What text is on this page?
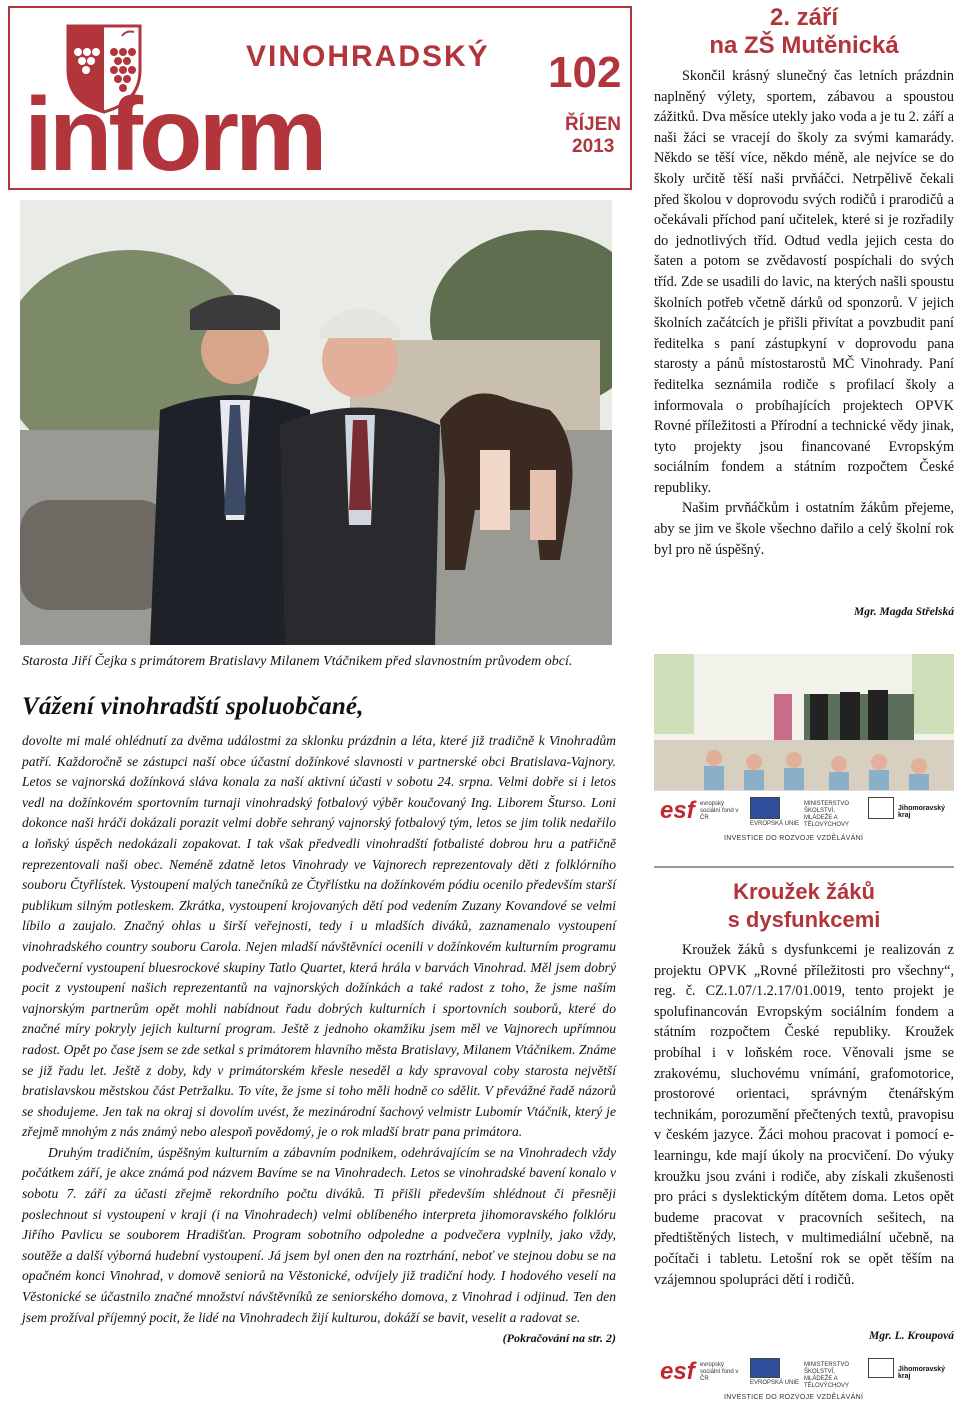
VINOHRADSKÝ
inform
102
ŘÍJEN
2013
Starosta Jiří Čejka s primátorem Bratislavy Milanem Vtáčnikem před slavnostním průvodem obcí.
Vážení vinohradští spoluobčané,

dovolte mi malé ohlédnutí za dvěma událostmi za sklonku prázdnin a léta, které již tradičně k Vinohradům patří. Každoročně se zástupci naší obce účastní dožínkové slavnosti v partnerské obci Bratislava-Vajnory. Letos se vajnorská dožínková sláva konala za naší aktivní účasti v sobotu 24. srpna. Velmi dobře si i letos vedl na dožínkovém sportovním turnaji vinohradský fotbalový výběr koučovaný Ing. Liborem Šturso. Loni dokonce naši hráči dokázali porazit velmi dobře sehraný vajnorský fotbalový tým, letos se jim tolik nedařilo a loňský úspěch nedokázali zopakovat. I tak však předvedli vinohradští fotbalisté dobrou hru a patřičně reprezentovali naši obec. Neméně zdatně letos Vinohrady ve Vajnorech reprezentovaly děti z folklórního souboru Čtyřlístek. Vystoupení malých tanečníků ze Čtyřlístku na dožínkovém pódiu ocenilo především starší publikum silným potleskem. Zkrátka, vystoupení krojovaných dětí pod vedením Zuzany Kovandové se velmi líbilo a zaujalo. Značný ohlas u širší veřejnosti, tedy i u mladších diváků, zaznamenalo vystoupení vinohradského country souboru Carola. Nejen mladší návštěvníci ocenili v dožínkovém kulturním programu podvečerní vystoupení bluesrockové skupiny Tatlo Quartet, která hrála v barvách Vinohrad. Měl jsem dobrý pocit z vystoupení našich reprezentantů na vajnorských dožínkách a také radost z toho, že jsme naším vajnorským partnerům opět mohli nabídnout řadu dobrých kulturních i sportovních souborů, které do značné míry pokryly jejich kulturní program. Ještě z jednoho okamžiku jsem měl ve Vajnorech upřímnou radost. Opět po čase jsem se zde setkal s primátorem hlavního města Bratislavy, Milanem Vtáčnikem. Známe se již řadu let. Ještě z doby, kdy v primátorském křesle neseděl a kdy spravoval coby starosta největší bratislavskou městskou část Petržalku. To víte, že jsme si toho měli hodně co sdělit. V převážné řadě názorů se shodujeme. Jen tak na okraj si dovolím uvést, že mezinárodní šachový velmistr Lubomír Vtáčnik, který je zřejmě mnohým z nás známý nebo alespoň povědomý, je o rok mladší bratr pana primátora.

Druhým tradičním, úspěšným kulturním a zábavním podnikem, odehrávajícím se na Vinohradech vždy počátkem září, je akce známá pod názvem Bavíme se na Vinohradech. Letos se vinohradské bavení konalo v sobotu 7. září za účasti zřejmě rekordního počtu diváků. Ti přišli především shlédnout či přesněji poslechnout si vystoupení v kraji (i na Vinohradech) velmi oblíbeného interpreta jihomoravského folklóru Jiřího Pavlicu se souborem Hradišťan. Program sobotního odpoledne a podvečera vyplnily, jako vždy, soutěže a další výborná hudební vystoupení. Já jsem byl onen den na roztrhání, neboť ve stejnou dobu se na opačném konci Vinohrad, v domově seniorů na Věstonické, odvíjely již tradiční hody. I hodového veselí na Věstonické se účastnilo značné množství návštěvníků ze seniorského domova, z Vinohrad i odjinud. Ten den jsem prožíval příjemný pocit, že lidé na Vinohradech žijí kulturou, dokáží se bavit, veselit a radovat se.
(Pokračování na str. 2)

2. září
na ZŠ Mutěnická

Skončil krásný slunečný čas letních prázdnin naplněný výlety, sportem, zábavou a spoustou zážitků. Dva měsíce utekly jako voda a je tu 2. září a naši žáci se vracejí do školy za svými kamarády. Někdo se těší více, někdo méně, ale nejvíce se do školy určitě těší naši prvňáčci. Netrpělivě čekali před školou v doprovodu svých rodičů i prarodičů a očekávali příchod paní učitelek, které si je rozřadily do jednotlivých tříd. Odtud vedla jejich cesta do šaten a potom se zvědavostí pospíchali do svých tříd. Zde se usadili do lavic, na kterých našli spoustu školních potřeb včetně dárků od sponzorů. V jejich školních začátcích je přišli přivítat a povzbudit paní ředitelka s paní zástupkyní v doprovodu pana starosty a pánů místostarostů MČ Vinohrady. Paní ředitelka seznámila rodiče s profilací školy a informovala o probíhajících projektech OPVK Rovné příležitosti a Přírodní a technické vědy jinak, tyto projekty jsou financované Evropským sociálním fondem a státním rozpočtem České republiky.

Našim prvňáčkům i ostatním žákům přejeme, aby se jim ve škole všechno dařilo a celý školní rok byl pro ně úspěšný.

Mgr. Magda Střelská
esf evropský sociální fond v ČR
EVROPSKÁ UNIE
MINISTERSTVO ŠKOLSTVÍ, MLÁDEŽE A TĚLOVÝCHOVY
Jihomoravský kraj
INVESTICE DO ROZVOJE VZDĚLÁVÁNÍ
Kroužek žáků
s dysfunkcemi

Kroužek žáků s dysfunkcemi je realizován z projektu OPVK „Rovné příležitosti pro všechny“, reg. č. CZ.1.07/1.2.17/01.0019, tento projekt je spolufinancován Evropským sociálním fondem a státním rozpočtem České republiky. Kroužek probíhal i v loňském roce. Věnovali jsme se zrakovému, sluchovému vnímání, grafomotorice, prostorové orientaci, správným čtenářským technikám, porozumění přečtených textů, pravopisu v českém jazyce. Žáci mohou pracovat i pomocí e-learningu, kde mají úkoly na procvičení. Do výuky kroužku jsou zváni i rodiče, aby získali zkušenosti pro práci s dyslektickým dítětem doma. Letos opět budeme pracovat v pracovních sešitech, na předtištěných listech, v multimediální učebně, na počítači i tabletu. Letošní rok se opět těším na vzájemnou spolupráci dětí i rodičů.

Mgr. L. Kroupová
esf evropský sociální fond v ČR
EVROPSKÁ UNIE
MINISTERSTVO ŠKOLSTVÍ, MLÁDEŽE A TĚLOVÝCHOVY
Jihomoravský kraj
INVESTICE DO ROZVOJE VZDĚLÁVÁNÍ
